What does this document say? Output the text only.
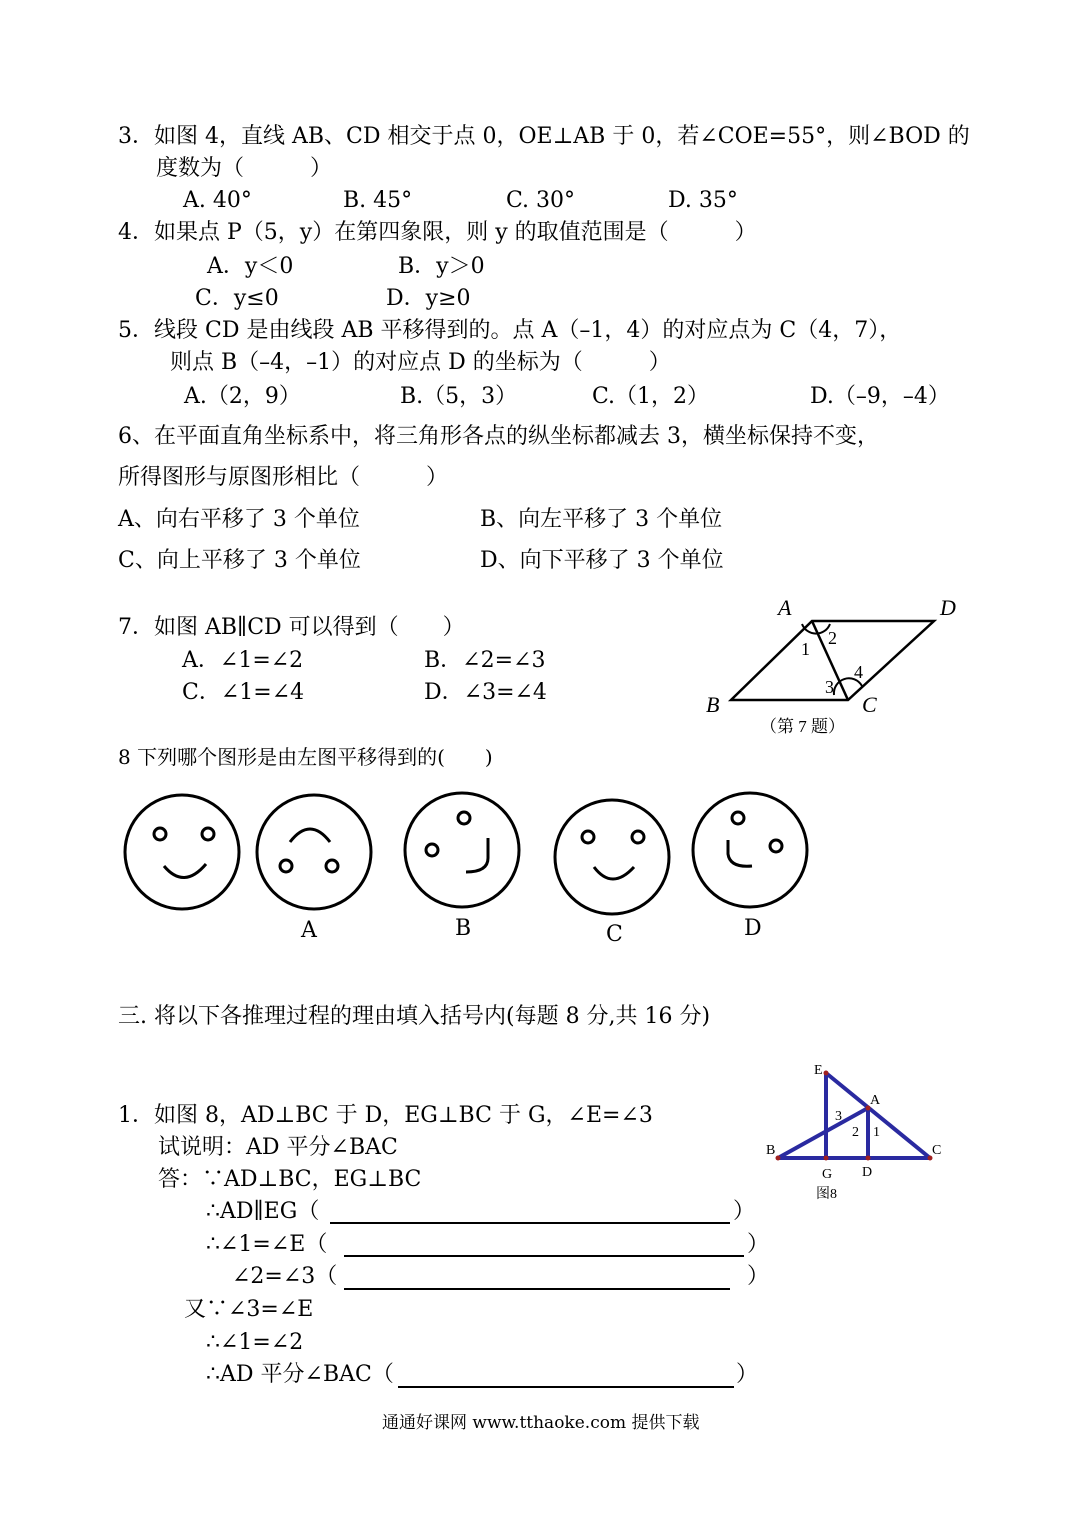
3．如图 4，直线 AB、CD 相交于点 0，OE⊥AB 于 0，若∠COE=55°，则∠BOD 的
度数为（　　　）
A. 40°	B. 45°	C. 30°	D. 35°
4．如果点 P（5，y）在第四象限，则 y 的取值范围是（　　　）
A．y＜0	B．y＞0
C．y≤0	D．y≥0
5．线段 CD 是由线段 AB 平移得到的。点 A（–1，4）的对应点为 C（4，7），
则点 B（–4，–1）的对应点 D 的坐标为（　　　）
A.（2，9）	B.（5，3）	C.（1，2）	D.（–9，–4）
6、在平面直角坐标系中，将三角形各点的纵坐标都减去 3，横坐标保持不变，
所得图形与原图形相比（　　　）
A、向右平移了 3 个单位	B、向左平移了 3 个单位
C、向上平移了 3 个单位	D、向下平移了 3 个单位
7．如图 AB∥CD 可以得到（　　）
A．∠1=∠2	B．∠2=∠3
C．∠1=∠4	D．∠3=∠4
A	D
B	C
1
2
3
4
（第 7 题）
8 下列哪个图形是由左图平移得到的(　　)
A	B	C	D
三. 将以下各推理过程的理由填入括号内(每题 8 分,共 16 分)
1．如图 8，AD⊥BC 于 D，EG⊥BC 于 G，∠E=∠3
试说明：AD 平分∠BAC
答：∵AD⊥BC，EG⊥BC
∴AD∥EG（	）
∴∠1=∠E（	）
∠2=∠3（	）
又∵∠3=∠E
∴∠1=∠2
∴AD 平分∠BAC（	）
E
A
B
G D
C
1
2
3
图8
通通好课网 www.tthaoke.com 提供下载
